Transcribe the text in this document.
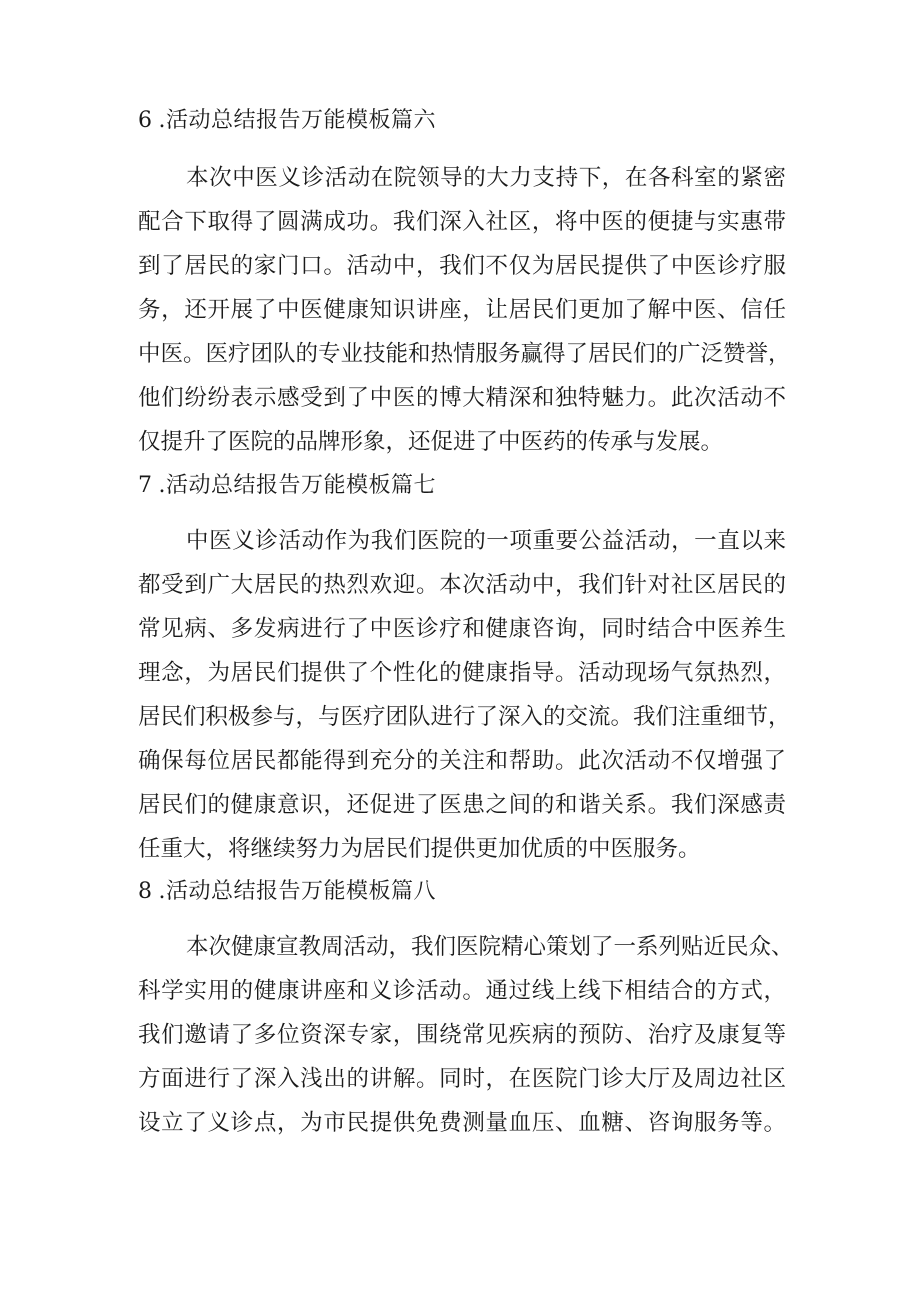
6 .活动总结报告万能模板篇六
本次中医义诊活动在院领导的大力支持下，在各科室的紧密
配合下取得了圆满成功。我们深入社区，将中医的便捷与实惠带
到了居民的家门口。活动中，我们不仅为居民提供了中医诊疗服
务，还开展了中医健康知识讲座，让居民们更加了解中医、信任
中医。医疗团队的专业技能和热情服务赢得了居民们的广泛赞誉，
他们纷纷表示感受到了中医的博大精深和独特魅力。此次活动不
仅提升了医院的品牌形象，还促进了中医药的传承与发展。
7 .活动总结报告万能模板篇七
中医义诊活动作为我们医院的一项重要公益活动，一直以来
都受到广大居民的热烈欢迎。本次活动中，我们针对社区居民的
常见病、多发病进行了中医诊疗和健康咨询，同时结合中医养生
理念，为居民们提供了个性化的健康指导。活动现场气氛热烈，
居民们积极参与，与医疗团队进行了深入的交流。我们注重细节，
确保每位居民都能得到充分的关注和帮助。此次活动不仅增强了
居民们的健康意识，还促进了医患之间的和谐关系。我们深感责
任重大，将继续努力为居民们提供更加优质的中医服务。
8 .活动总结报告万能模板篇八
本次健康宣教周活动，我们医院精心策划了一系列贴近民众、
科学实用的健康讲座和义诊活动。通过线上线下相结合的方式，
我们邀请了多位资深专家，围绕常见疾病的预防、治疗及康复等
方面进行了深入浅出的讲解。同时，在医院门诊大厅及周边社区
设立了义诊点，为市民提供免费测量血压、血糖、咨询服务等。
